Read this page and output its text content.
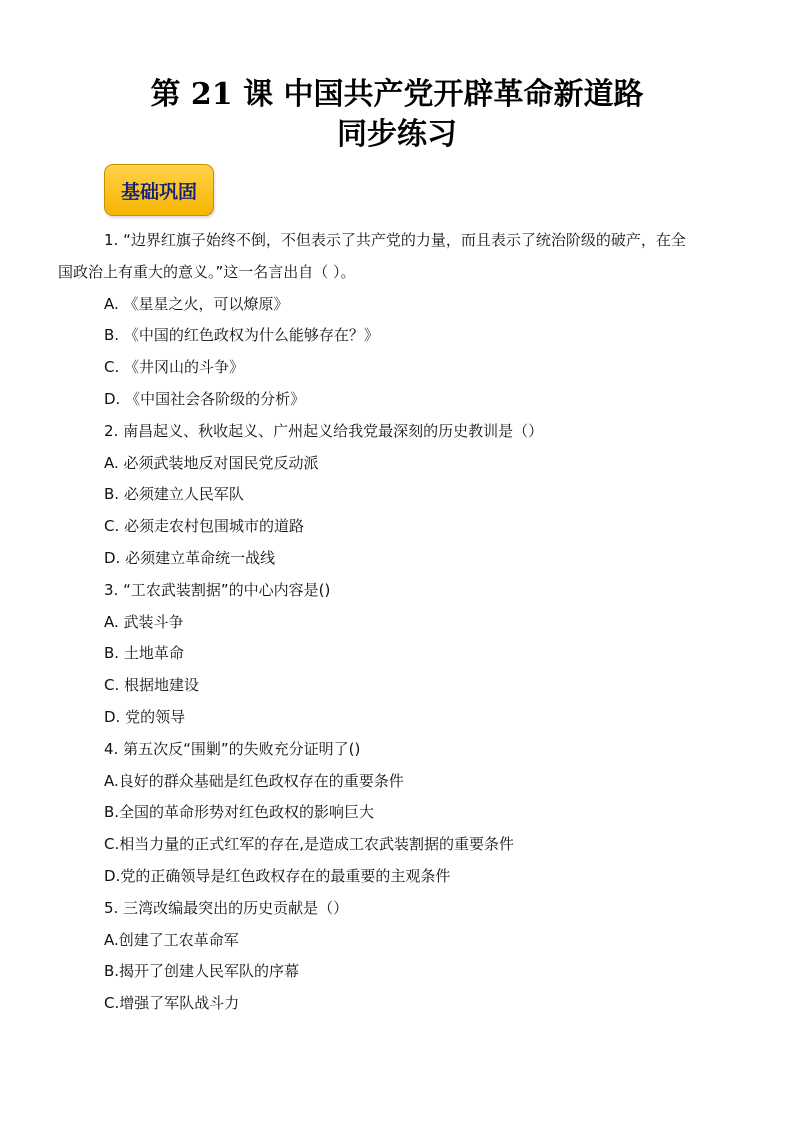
第 21 课 中国共产党开辟革命新道路
同步练习
基础巩固

1. “边界红旗子始终不倒，不但表示了共产党的力量，而且表示了统治阶级的破产，在全

国政治上有重大的意义。”这一名言出自（ ）。

A. 《星星之火，可以燎原》

B. 《中国的红色政权为什么能够存在？》

C. 《井冈山的斗争》

D. 《中国社会各阶级的分析》

2. 南昌起义、秋收起义、广州起义给我党最深刻的历史教训是（）

A. 必须武装地反对国民党反动派

B. 必须建立人民军队

C. 必须走农村包围城市的道路

D. 必须建立革命统一战线

3. “工农武装割据”的中心内容是()

A. 武装斗争

B. 土地革命

C. 根据地建设

D. 党的领导

4. 第五次反“围剿”的失败充分证明了()

A.良好的群众基础是红色政权存在的重要条件

B.全国的革命形势对红色政权的影响巨大

C.相当力量的正式红军的存在,是造成工农武装割据的重要条件

D.党的正确领导是红色政权存在的最重要的主观条件

5. 三湾改编最突出的历史贡献是（）

A.创建了工农革命军

B.揭开了创建人民军队的序幕

C.增强了军队战斗力
